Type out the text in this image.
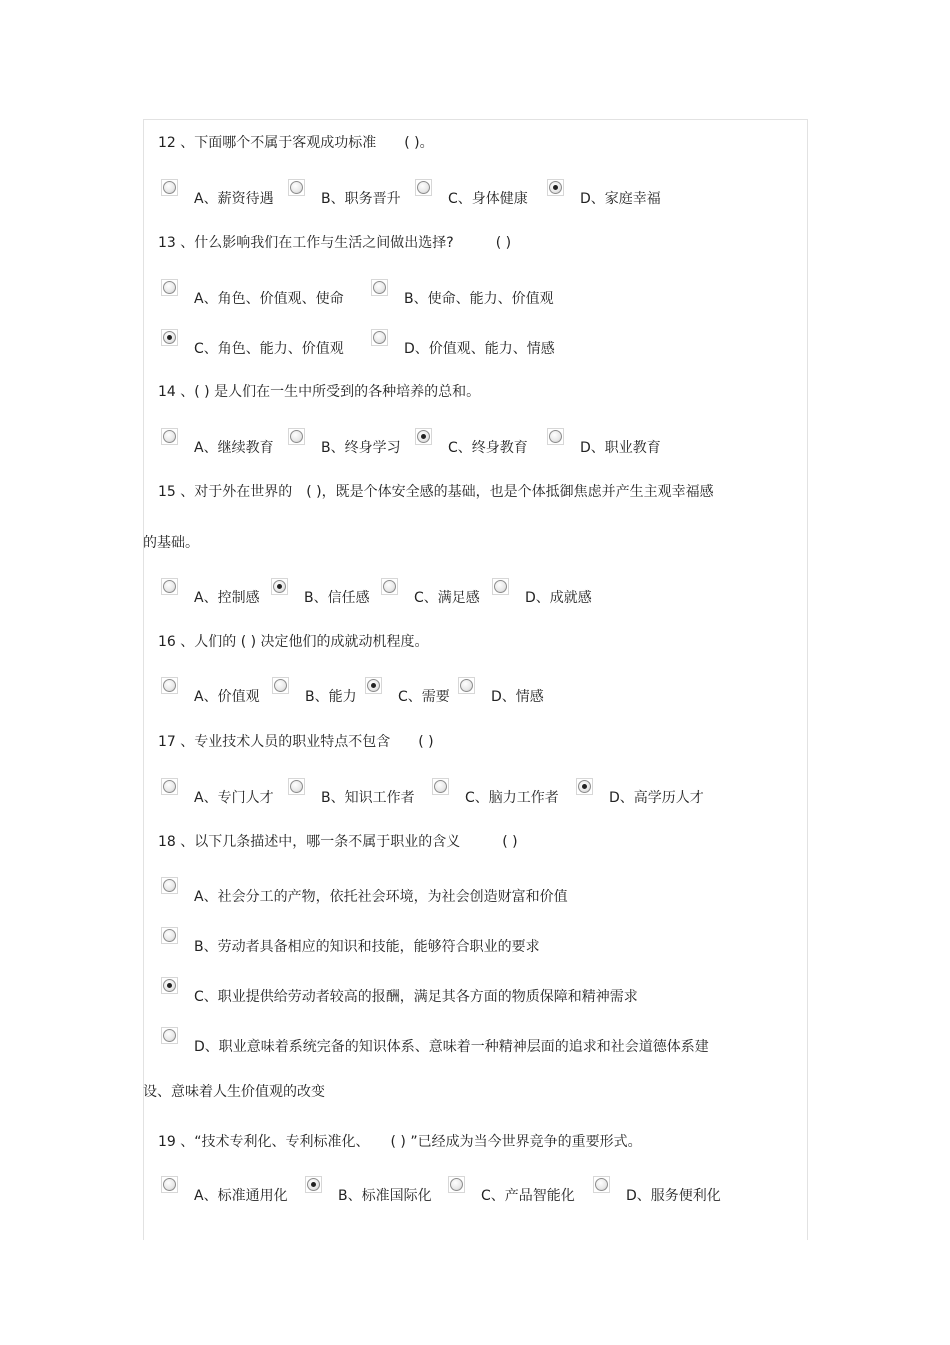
12 、下面哪个不属于客观成功标准　　( )。
A、薪资待遇	B、职务晋升	C、身体健康	D、家庭幸福
13 、什么影响我们在工作与生活之间做出选择?　　　( )
A、角色、价值观、使命	B、使命、能力、价值观
C、角色、能力、价值观	D、价值观、能力、情感
14 、( ) 是人们在一生中所受到的各种培养的总和。
A、继续教育	B、终身学习	C、终身教育	D、职业教育
15 、对于外在世界的　( )，既是个体安全感的基础，也是个体抵御焦虑并产生主观幸福感
的基础。
A、控制感	B、信任感	C、满足感	D、成就感
16 、人们的 ( ) 决定他们的成就动机程度。
A、价值观	B、能力	C、需要	D、情感
17 、专业技术人员的职业特点不包含　　( )
A、专门人才	B、知识工作者	C、脑力工作者	D、高学历人才
18 、以下几条描述中，哪一条不属于职业的含义　　　( )
A、社会分工的产物，依托社会环境，为社会创造财富和价值
B、劳动者具备相应的知识和技能，能够符合职业的要求
C、职业提供给劳动者较高的报酬，满足其各方面的物质保障和精神需求
D、职业意味着系统完备的知识体系、意味着一种精神层面的追求和社会道德体系建
设、意味着人生价值观的改变
19 、“技术专利化、专利标准化、　　( ) ”已经成为当今世界竞争的重要形式。
A、标准通用化	B、标准国际化	C、产品智能化	D、服务便利化
